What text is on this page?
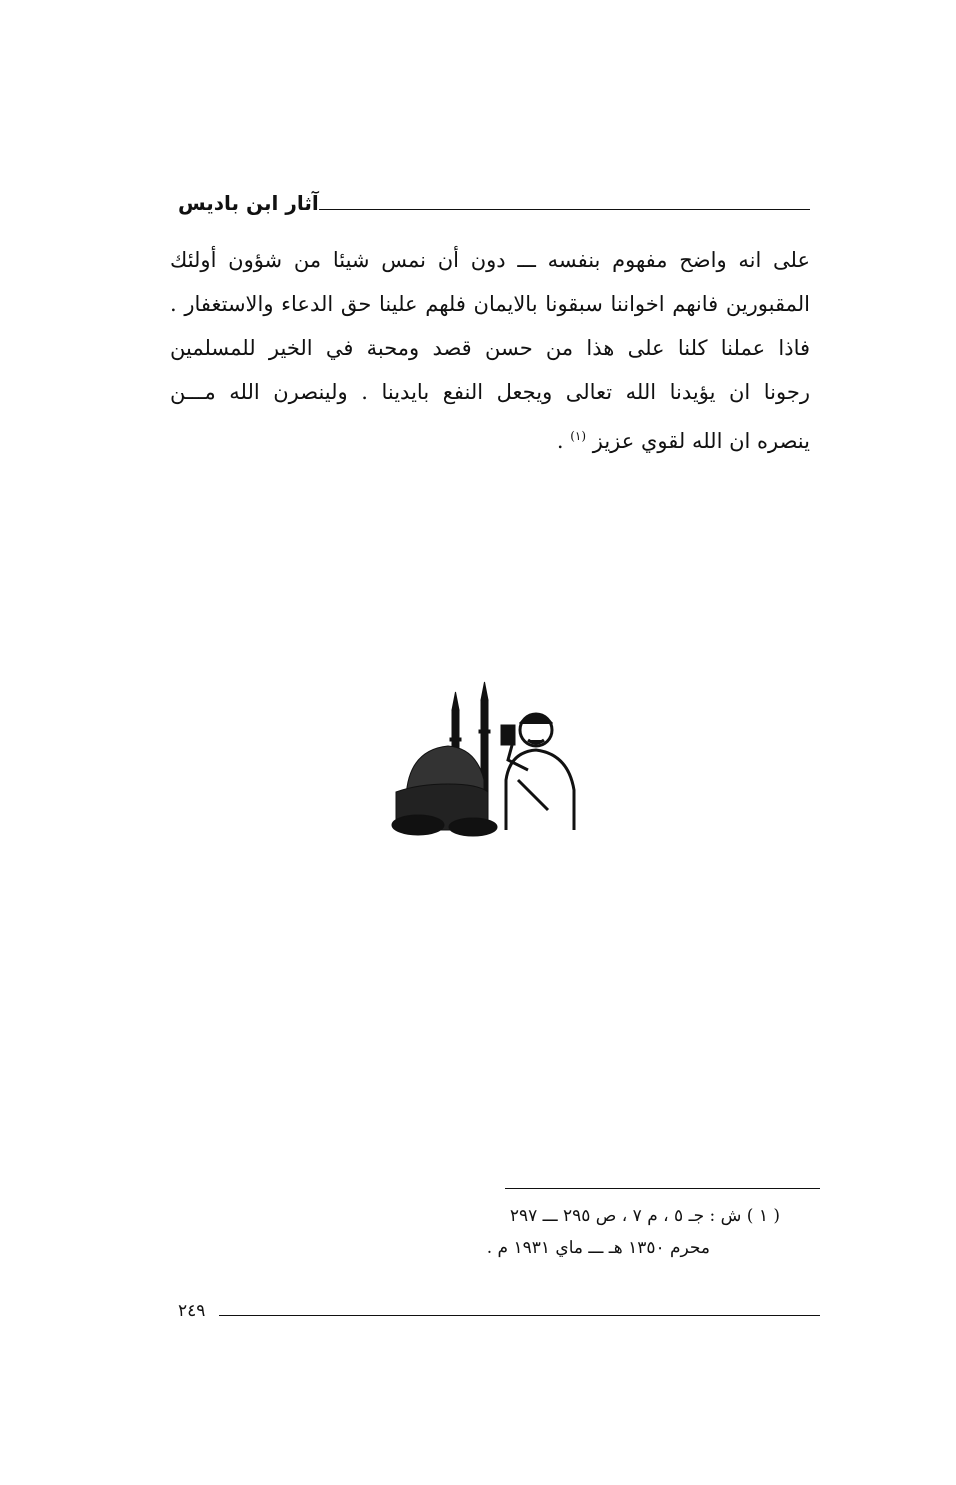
آثار ابن باديس
على انه واضح مفهوم بنفسه ـــ دون أن نمس شيئا من شؤون أولئك
المقبورين فانهم اخواننا سبقونا بالايمان فلهم علينا حق الدعاء والاستغفار .
فاذا عملنا كلنا على هذا من حسن قصد ومحبة في الخير للمسلمين
رجونا ان يؤيدنا الله تعالى ويجعل النفع بايدينا . ولينصرن الله مـــن
ينصره ان الله لقوي عزيز $^{(١)}$ .
( ١ ) ش : جـ ٥ ، م ٧ ، ص ٢٩٥ ـــ ٢٩٧
محرم ١٣٥٠ هـ ـــ ماي ١٩٣١ م .
٢٤٩
